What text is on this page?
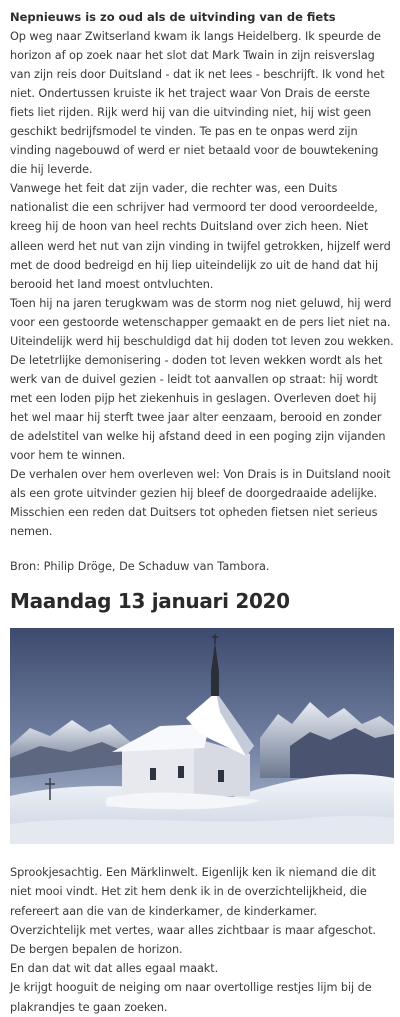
Nepnieuws is zo oud als de uitvinding van de fiets

Op weg naar Zwitserland kwam ik langs Heidelberg. Ik speurde de horizon af op zoek naar het slot dat Mark Twain in zijn reisverslag van zijn reis door Duitsland - dat ik net lees - beschrijft. Ik vond het niet. Ondertussen kruiste ik het traject waar Von Drais de eerste fiets liet rijden. Rijk werd hij van die uitvinding niet, hij wist geen geschikt bedrijfsmodel te vinden. Te pas en te onpas werd zijn vinding nagebouwd of werd er niet betaald voor de bouwtekening die hij leverde.

Vanwege het feit dat zijn vader, die rechter was, een Duits nationalist die een schrijver had vermoord ter dood veroordeelde, kreeg hij de hoon van heel rechts Duitsland over zich heen. Niet alleen werd het nut van zijn vinding in twijfel getrokken, hijzelf werd met de dood bedreigd en hij liep uiteindelijk zo uit de hand dat hij berooid het land moest ontvluchten.

Toen hij na jaren terugkwam was de storm nog niet geluwd, hij werd voor een gestoorde wetenschapper gemaakt en de pers liet niet na. Uiteindelijk werd hij beschuldigd dat hij doden tot leven zou wekken.

De letetrlijke demonisering - doden tot leven wekken wordt als het werk van de duivel gezien - leidt tot aanvallen op straat: hij wordt met een loden pijp het ziekenhuis in geslagen. Overleven doet hij het wel maar hij sterft twee jaar alter eenzaam, berooid en zonder de adelstitel van welke hij afstand deed in een poging zijn vijanden voor hem te winnen.

De verhalen over hem overleven wel: Von Drais is in Duitsland nooit als een grote uitvinder gezien hij bleef de doorgedraaide adelijke. Misschien een reden dat Duitsers tot opheden fietsen niet serieus nemen.

Bron: Philip Dröge, De Schaduw van Tambora.

Maandag 13 januari 2020

Sprookjesachtig. Een Märklinwelt. Eigenlijk ken ik niemand die dit niet mooi vindt. Het zit hem denk ik in de overzichtelijkheid, die refereert aan die van de kinderkamer, de kinderkamer. Overzichtelijk met vertes, waar alles zichtbaar is maar afgeschot. De bergen bepalen de horizon.

En dan dat wit dat alles egaal maakt.

Je krijgt hooguit de neiging om naar overtollige restjes lijm bij de plakrandjes te gaan zoeken.
